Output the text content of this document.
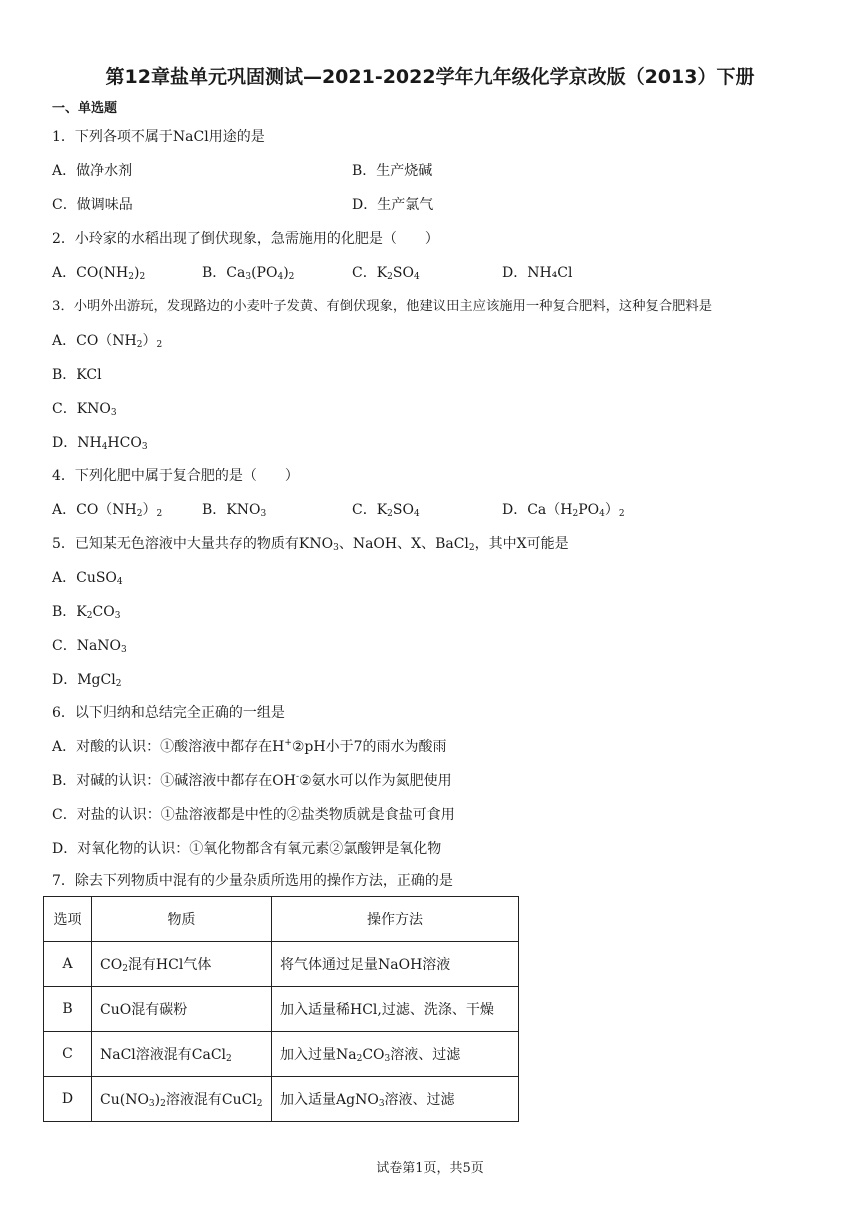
第12章盐单元巩固测试—2021-2022学年九年级化学京改版（2013）下册
一、单选题
1．下列各项不属于NaCl用途的是
A．做净水剂	B．生产烧碱
C．做调味品	D．生产氯气
2．小玲家的水稻出现了倒伏现象，急需施用的化肥是（　　）
A．$CO(NH_2)_2$	B．$Ca_3(PO_4)_2$	C．$K_2SO_4$	D．NH₄Cl
3．小明外出游玩，发现路边的小麦叶子发黄、有倒伏现象，他建议田主应该施用一种复合肥料，这种复合肥料是
A．$CO(NH_2)_2$
B．KCl
C．$KNO_3$
D．$NH_4HCO_3$
4．下列化肥中属于复合肥的是（　　）
A．$CO(NH_2)_2$	B．$KNO_3$	C．$K_2SO_4$	D．$Ca(H_2PO_4)_2$
5．已知某无色溶液中大量共存的物质有$KNO_3$、NaOH、X、BaCl$_2$，其中X可能是
A．CuSO$_4$
B．$K_2CO_3$
C．NaNO$_3$
D．MgCl$_2$
6．以下归纳和总结完全正确的一组是
A．对酸的认识：①酸溶液中都存在H+②pH小于7的雨水为酸雨
B．对碱的认识：①碱溶液中都存在OH-②氨水可以作为氮肥使用
C．对盐的认识：①盐溶液都是中性的②盐类物质就是食盐可食用
D．对氧化物的认识：①氧化物都含有氧元素②氯酸钾是氧化物
7．除去下列物质中混有的少量杂质所选用的操作方法，正确的是
选项	物质	操作方法
A	$CO_2$混有HCl气体	将气体通过足量NaOH溶液
B	CuO混有碳粉	加入适量稀HCl,过滤、洗涤、干燥
C	NaCl溶液混有CaCl$_2$	加入过量$Na_2CO_3$溶液、过滤
D	$Cu(NO_3)_2$溶液混有CuCl$_2$	加入适量AgNO$_3$溶液、过滤
试卷第1页，共5页
